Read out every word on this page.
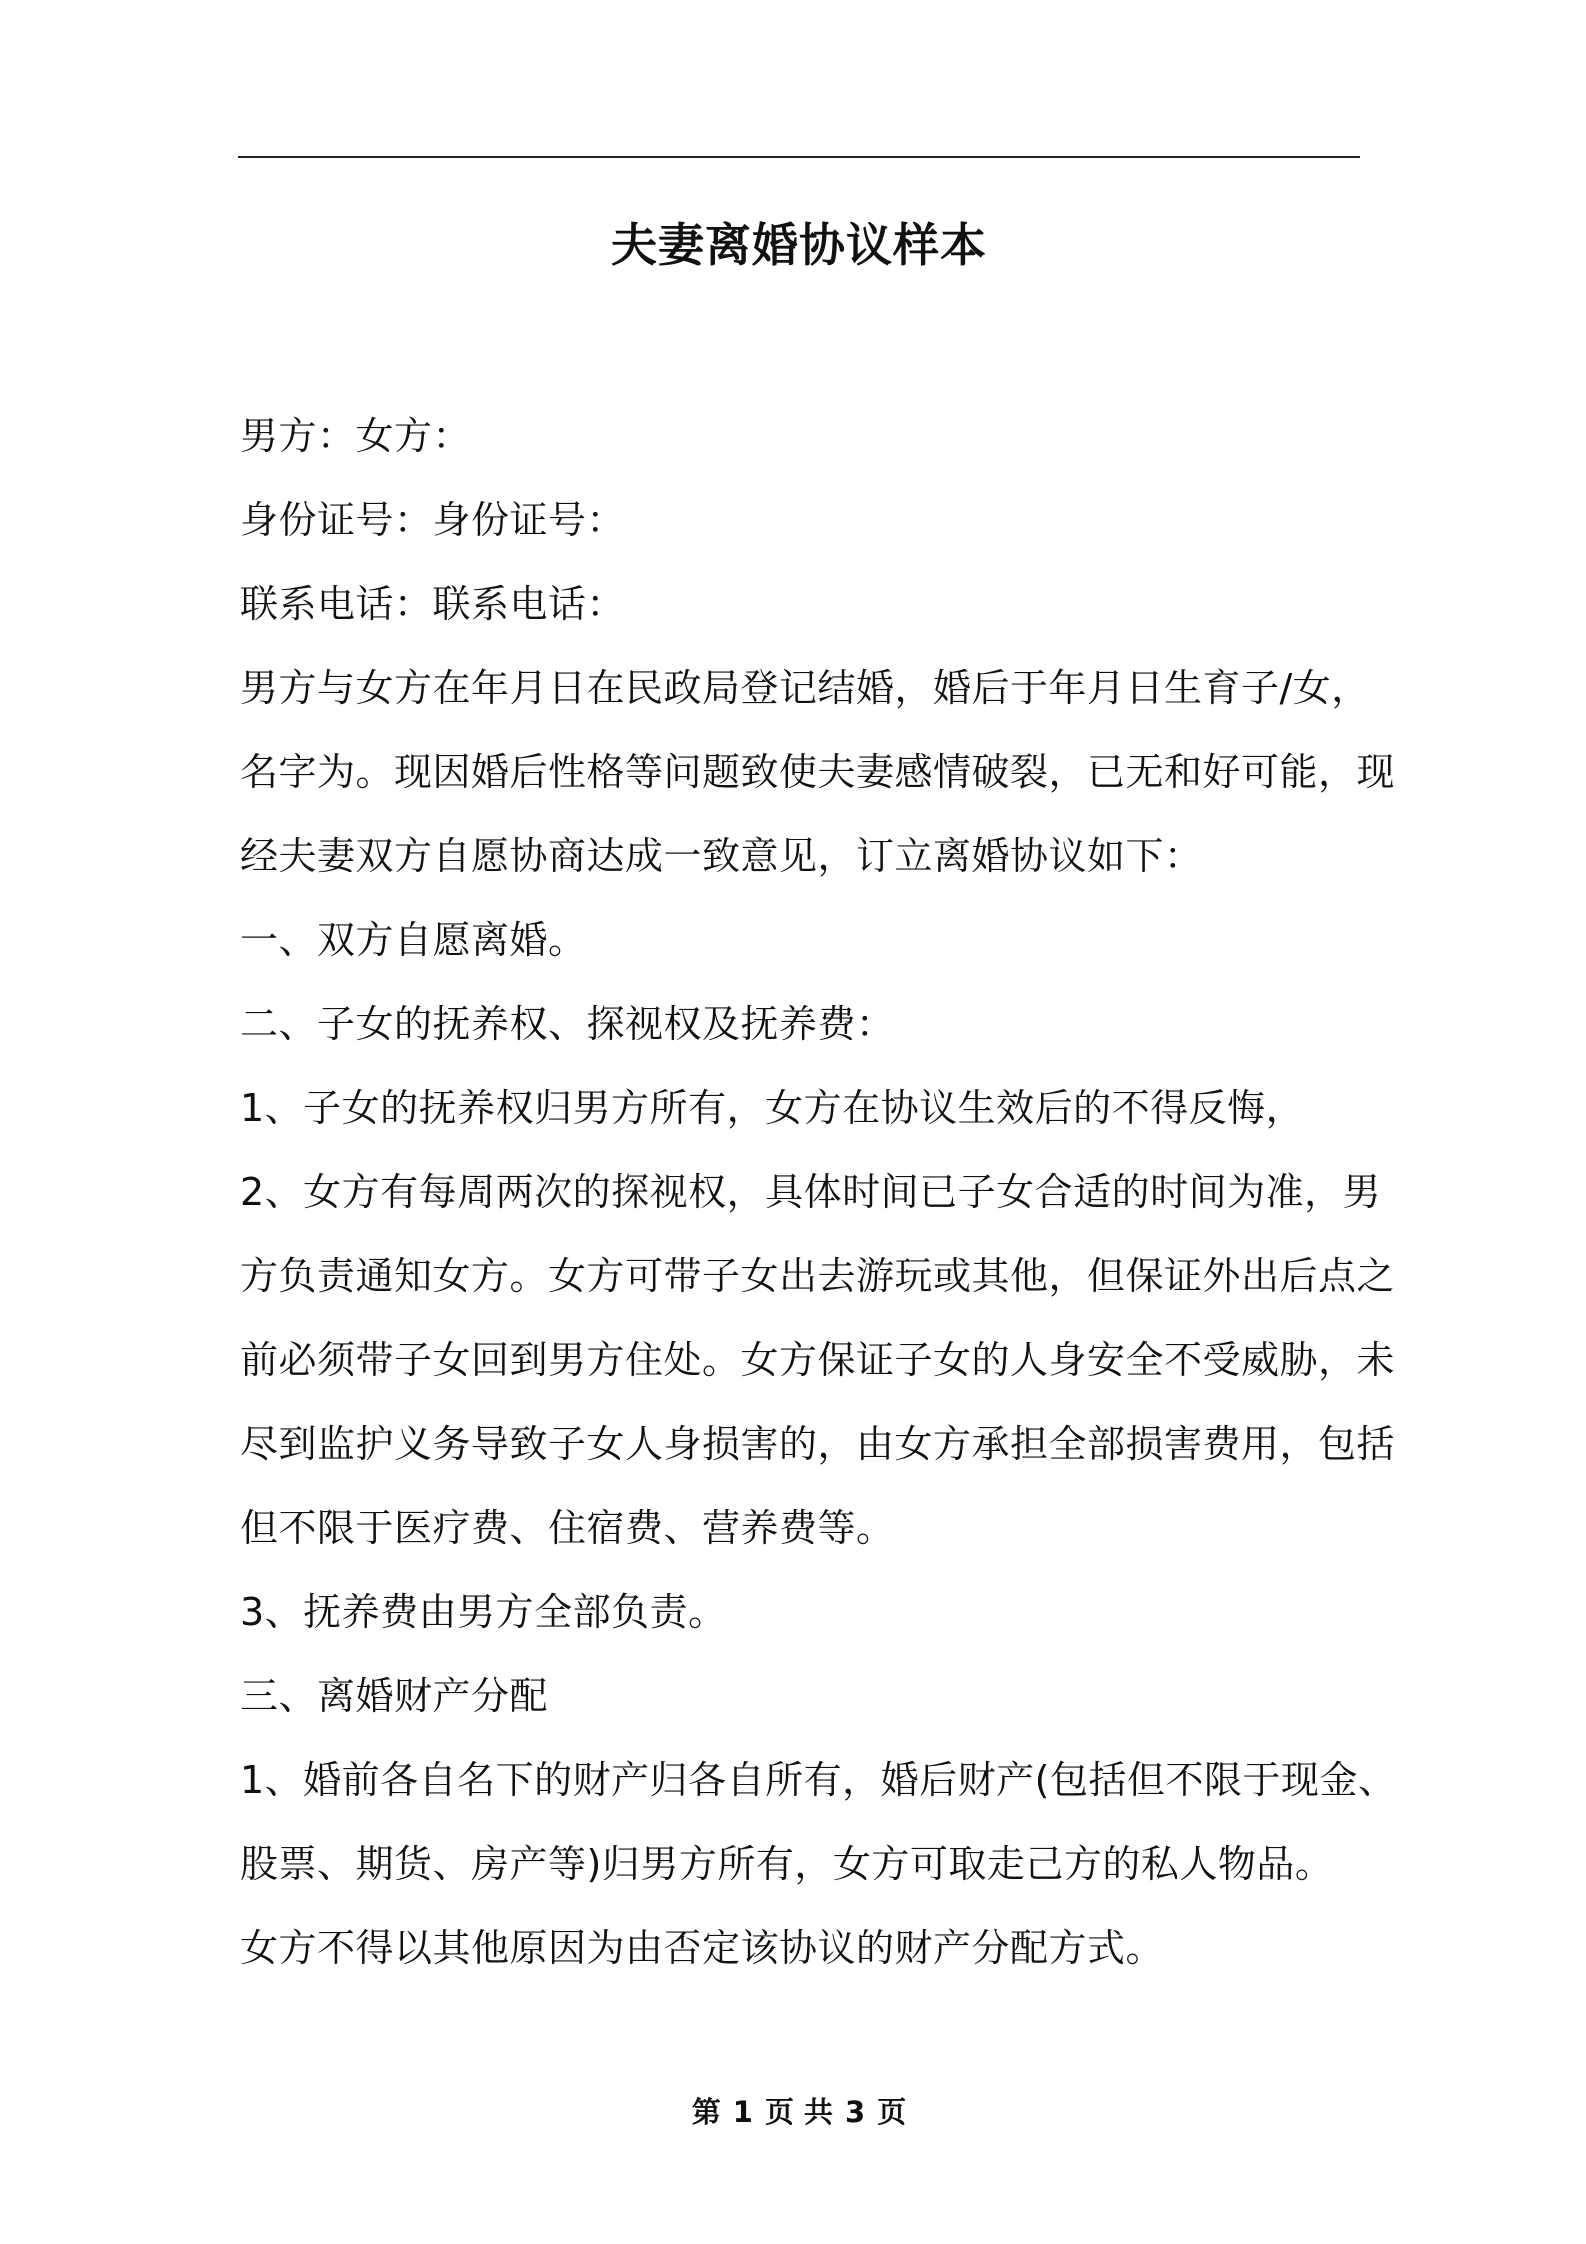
夫妻离婚协议样本
男方：女方：
身份证号：身份证号：
联系电话：联系电话：
男方与女方在年月日在民政局登记结婚，婚后于年月日生育子/女，
名字为。现因婚后性格等问题致使夫妻感情破裂，已无和好可能，现
经夫妻双方自愿协商达成一致意见，订立离婚协议如下：
一、双方自愿离婚。
二、子女的抚养权、探视权及抚养费：
1、子女的抚养权归男方所有，女方在协议生效后的不得反悔，
2、女方有每周两次的探视权，具体时间已子女合适的时间为准，男
方负责通知女方。女方可带子女出去游玩或其他，但保证外出后点之
前必须带子女回到男方住处。女方保证子女的人身安全不受威胁，未
尽到监护义务导致子女人身损害的，由女方承担全部损害费用，包括
但不限于医疗费、住宿费、营养费等。
3、抚养费由男方全部负责。
三、离婚财产分配
1、婚前各自名下的财产归各自所有，婚后财产(包括但不限于现金、
股票、期货、房产等)归男方所有，女方可取走己方的私人物品。
女方不得以其他原因为由否定该协议的财产分配方式。
第 1 页 共 3 页
